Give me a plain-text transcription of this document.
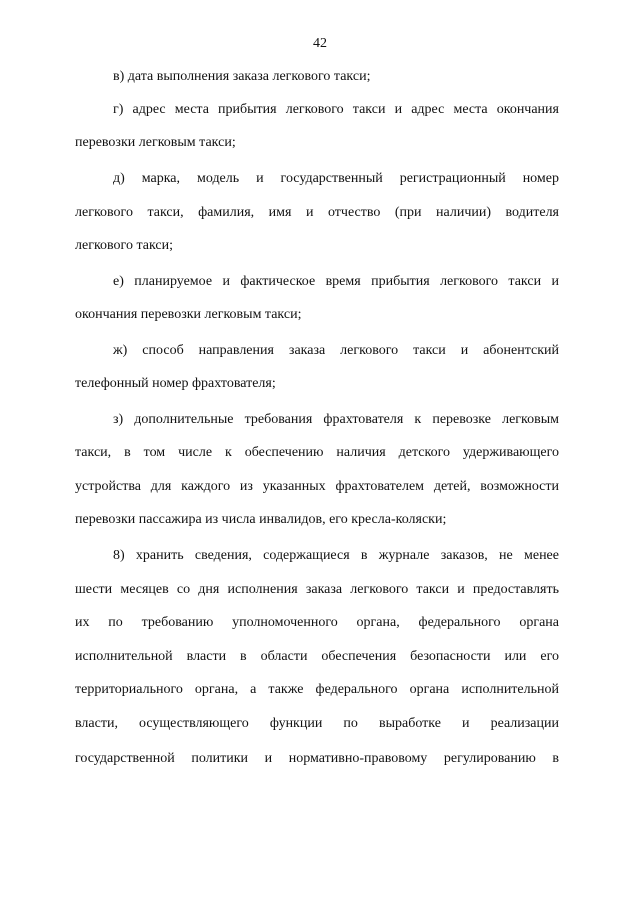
42
в) дата выполнения заказа легкового такси;
г) адрес места прибытия легкового такси и адрес места окончания
перевозки легковым такси;
д) марка, модель и государственный регистрационный номер
легкового такси, фамилия, имя и отчество (при наличии) водителя
легкового такси;
е) планируемое и фактическое время прибытия легкового такси и
окончания перевозки легковым такси;
ж) способ направления заказа легкового такси и абонентский
телефонный номер фрахтователя;
з) дополнительные требования фрахтователя к перевозке легковым
такси, в том числе к обеспечению наличия детского удерживающего
устройства для каждого из указанных фрахтователем детей, возможности
перевозки пассажира из числа инвалидов, его кресла-коляски;
8) хранить сведения, содержащиеся в журнале заказов, не менее
шести месяцев со дня исполнения заказа легкового такси и предоставлять
их по требованию уполномоченного органа, федерального органа
исполнительной власти в области обеспечения безопасности или его
территориального органа, а также федерального органа исполнительной
власти, осуществляющего функции по выработке и реализации
государственной политики и нормативно-правовому регулированию в
